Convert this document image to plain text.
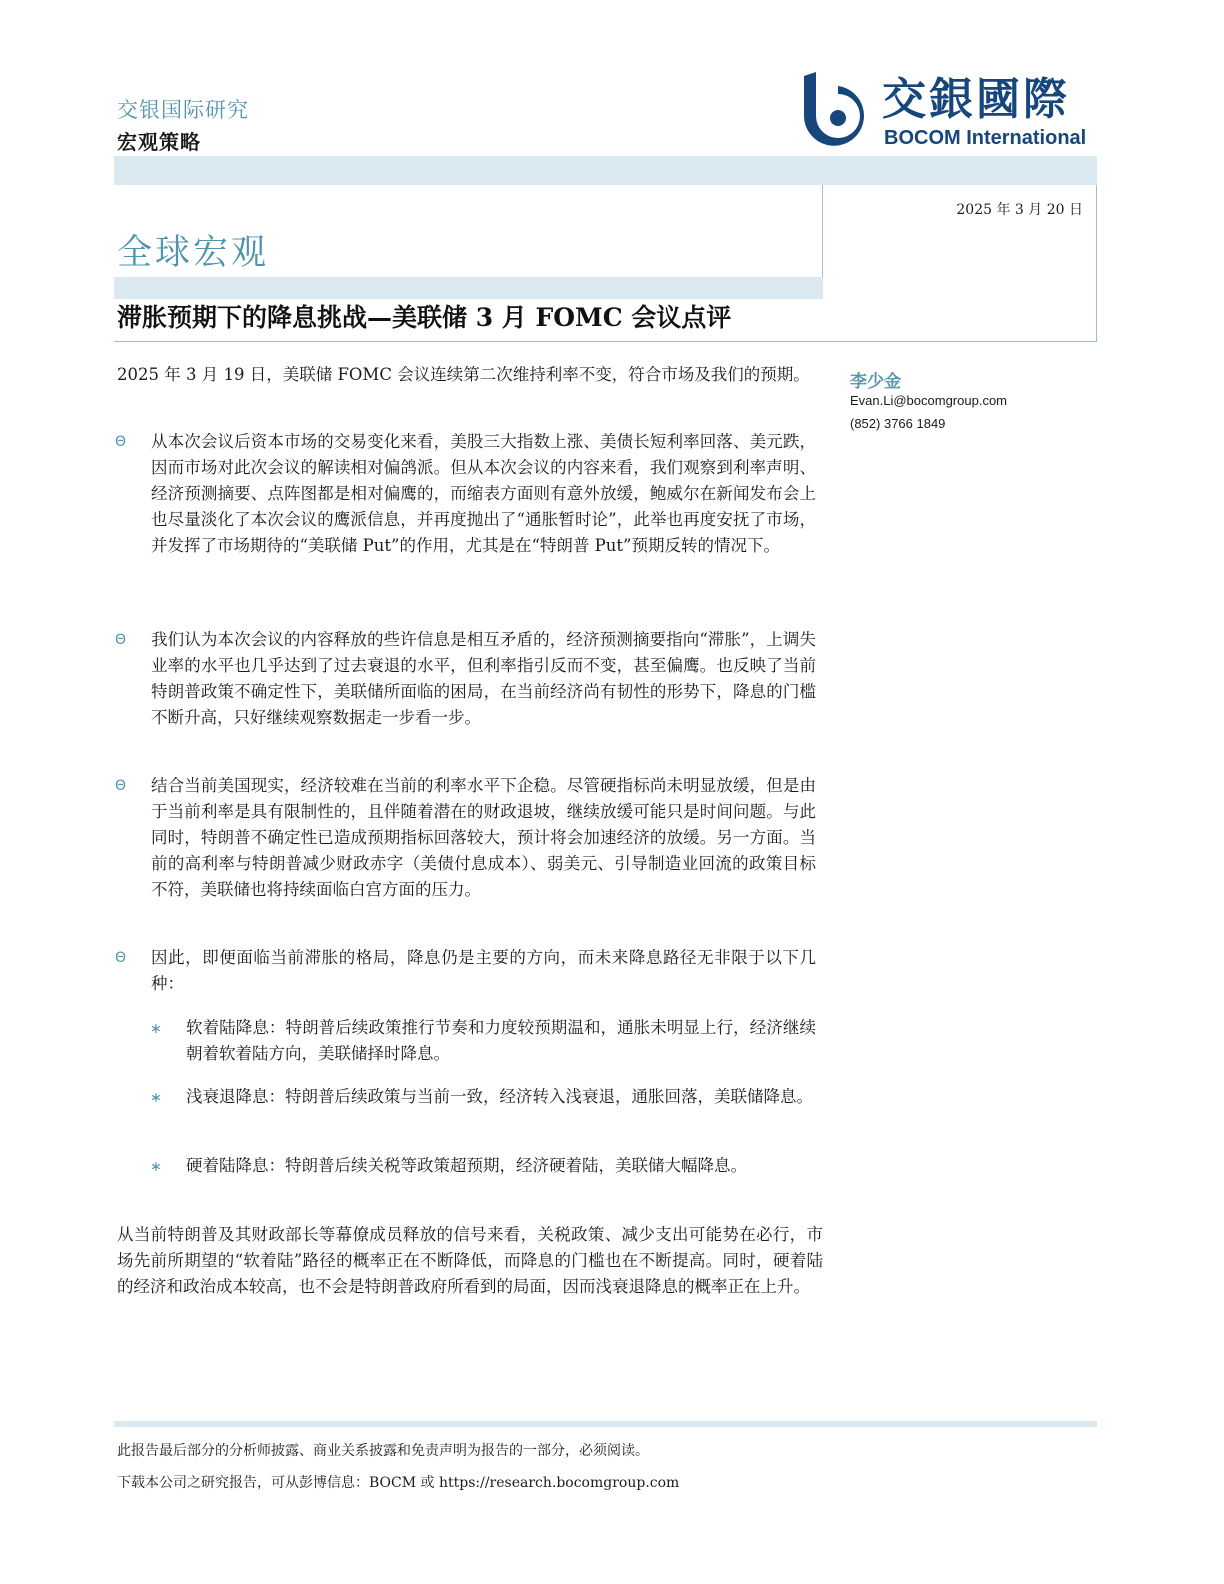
交银国际研究
宏观策略
交銀國際
BOCOM International
2025 年 3 月 20 日
全球宏观
滞胀预期下的降息挑战—美联储 3 月 FOMC 会议点评
李少金
Evan.Li@bocomgroup.com
(852) 3766 1849

2025 年 3 月 19 日，美联储 FOMC 会议连续第二次维持利率不变，符合市场及我们的预期。

Θ 从本次会议后资本市场的交易变化来看，美股三大指数上涨、美债长短利率回落、美元跌，因而市场对此次会议的解读相对偏鸽派。但从本次会议的内容来看，我们观察到利率声明、经济预测摘要、点阵图都是相对偏鹰的，而缩表方面则有意外放缓，鲍威尔在新闻发布会上也尽量淡化了本次会议的鹰派信息，并再度抛出了“通胀暂时论”，此举也再度安抚了市场，并发挥了市场期待的“美联储 Put”的作用，尤其是在“特朗普 Put”预期反转的情况下。

Θ 我们认为本次会议的内容释放的些许信息是相互矛盾的，经济预测摘要指向“滞胀”，上调失业率的水平也几乎达到了过去衰退的水平，但利率指引反而不变，甚至偏鹰。也反映了当前特朗普政策不确定性下，美联储所面临的困局，在当前经济尚有韧性的形势下，降息的门槛不断升高，只好继续观察数据走一步看一步。

Θ 结合当前美国现实，经济较难在当前的利率水平下企稳。尽管硬指标尚未明显放缓，但是由于当前利率是具有限制性的，且伴随着潜在的财政退坡，继续放缓可能只是时间问题。与此同时，特朗普不确定性已造成预期指标回落较大，预计将会加速经济的放缓。另一方面。当前的高利率与特朗普减少财政赤字（美债付息成本）、弱美元、引导制造业回流的政策目标不符，美联储也将持续面临白宫方面的压力。

Θ 因此，即便面临当前滞胀的格局，降息仍是主要的方向，而未来降息路径无非限于以下几种：

∗ 软着陆降息：特朗普后续政策推行节奏和力度较预期温和，通胀未明显上行，经济继续朝着软着陆方向，美联储择时降息。

∗ 浅衰退降息：特朗普后续政策与当前一致，经济转入浅衰退，通胀回落，美联储降息。

∗ 硬着陆降息：特朗普后续关税等政策超预期，经济硬着陆，美联储大幅降息。

从当前特朗普及其财政部长等幕僚成员释放的信号来看，关税政策、减少支出可能势在必行，市场先前所期望的“软着陆”路径的概率正在不断降低，而降息的门槛也在不断提高。同时，硬着陆的经济和政治成本较高，也不会是特朗普政府所看到的局面，因而浅衰退降息的概率正在上升。

此报告最后部分的分析师披露、商业关系披露和免责声明为报告的一部分，必须阅读。
下载本公司之研究报告，可从彭博信息：BOCM 或 https://research.bocomgroup.com
